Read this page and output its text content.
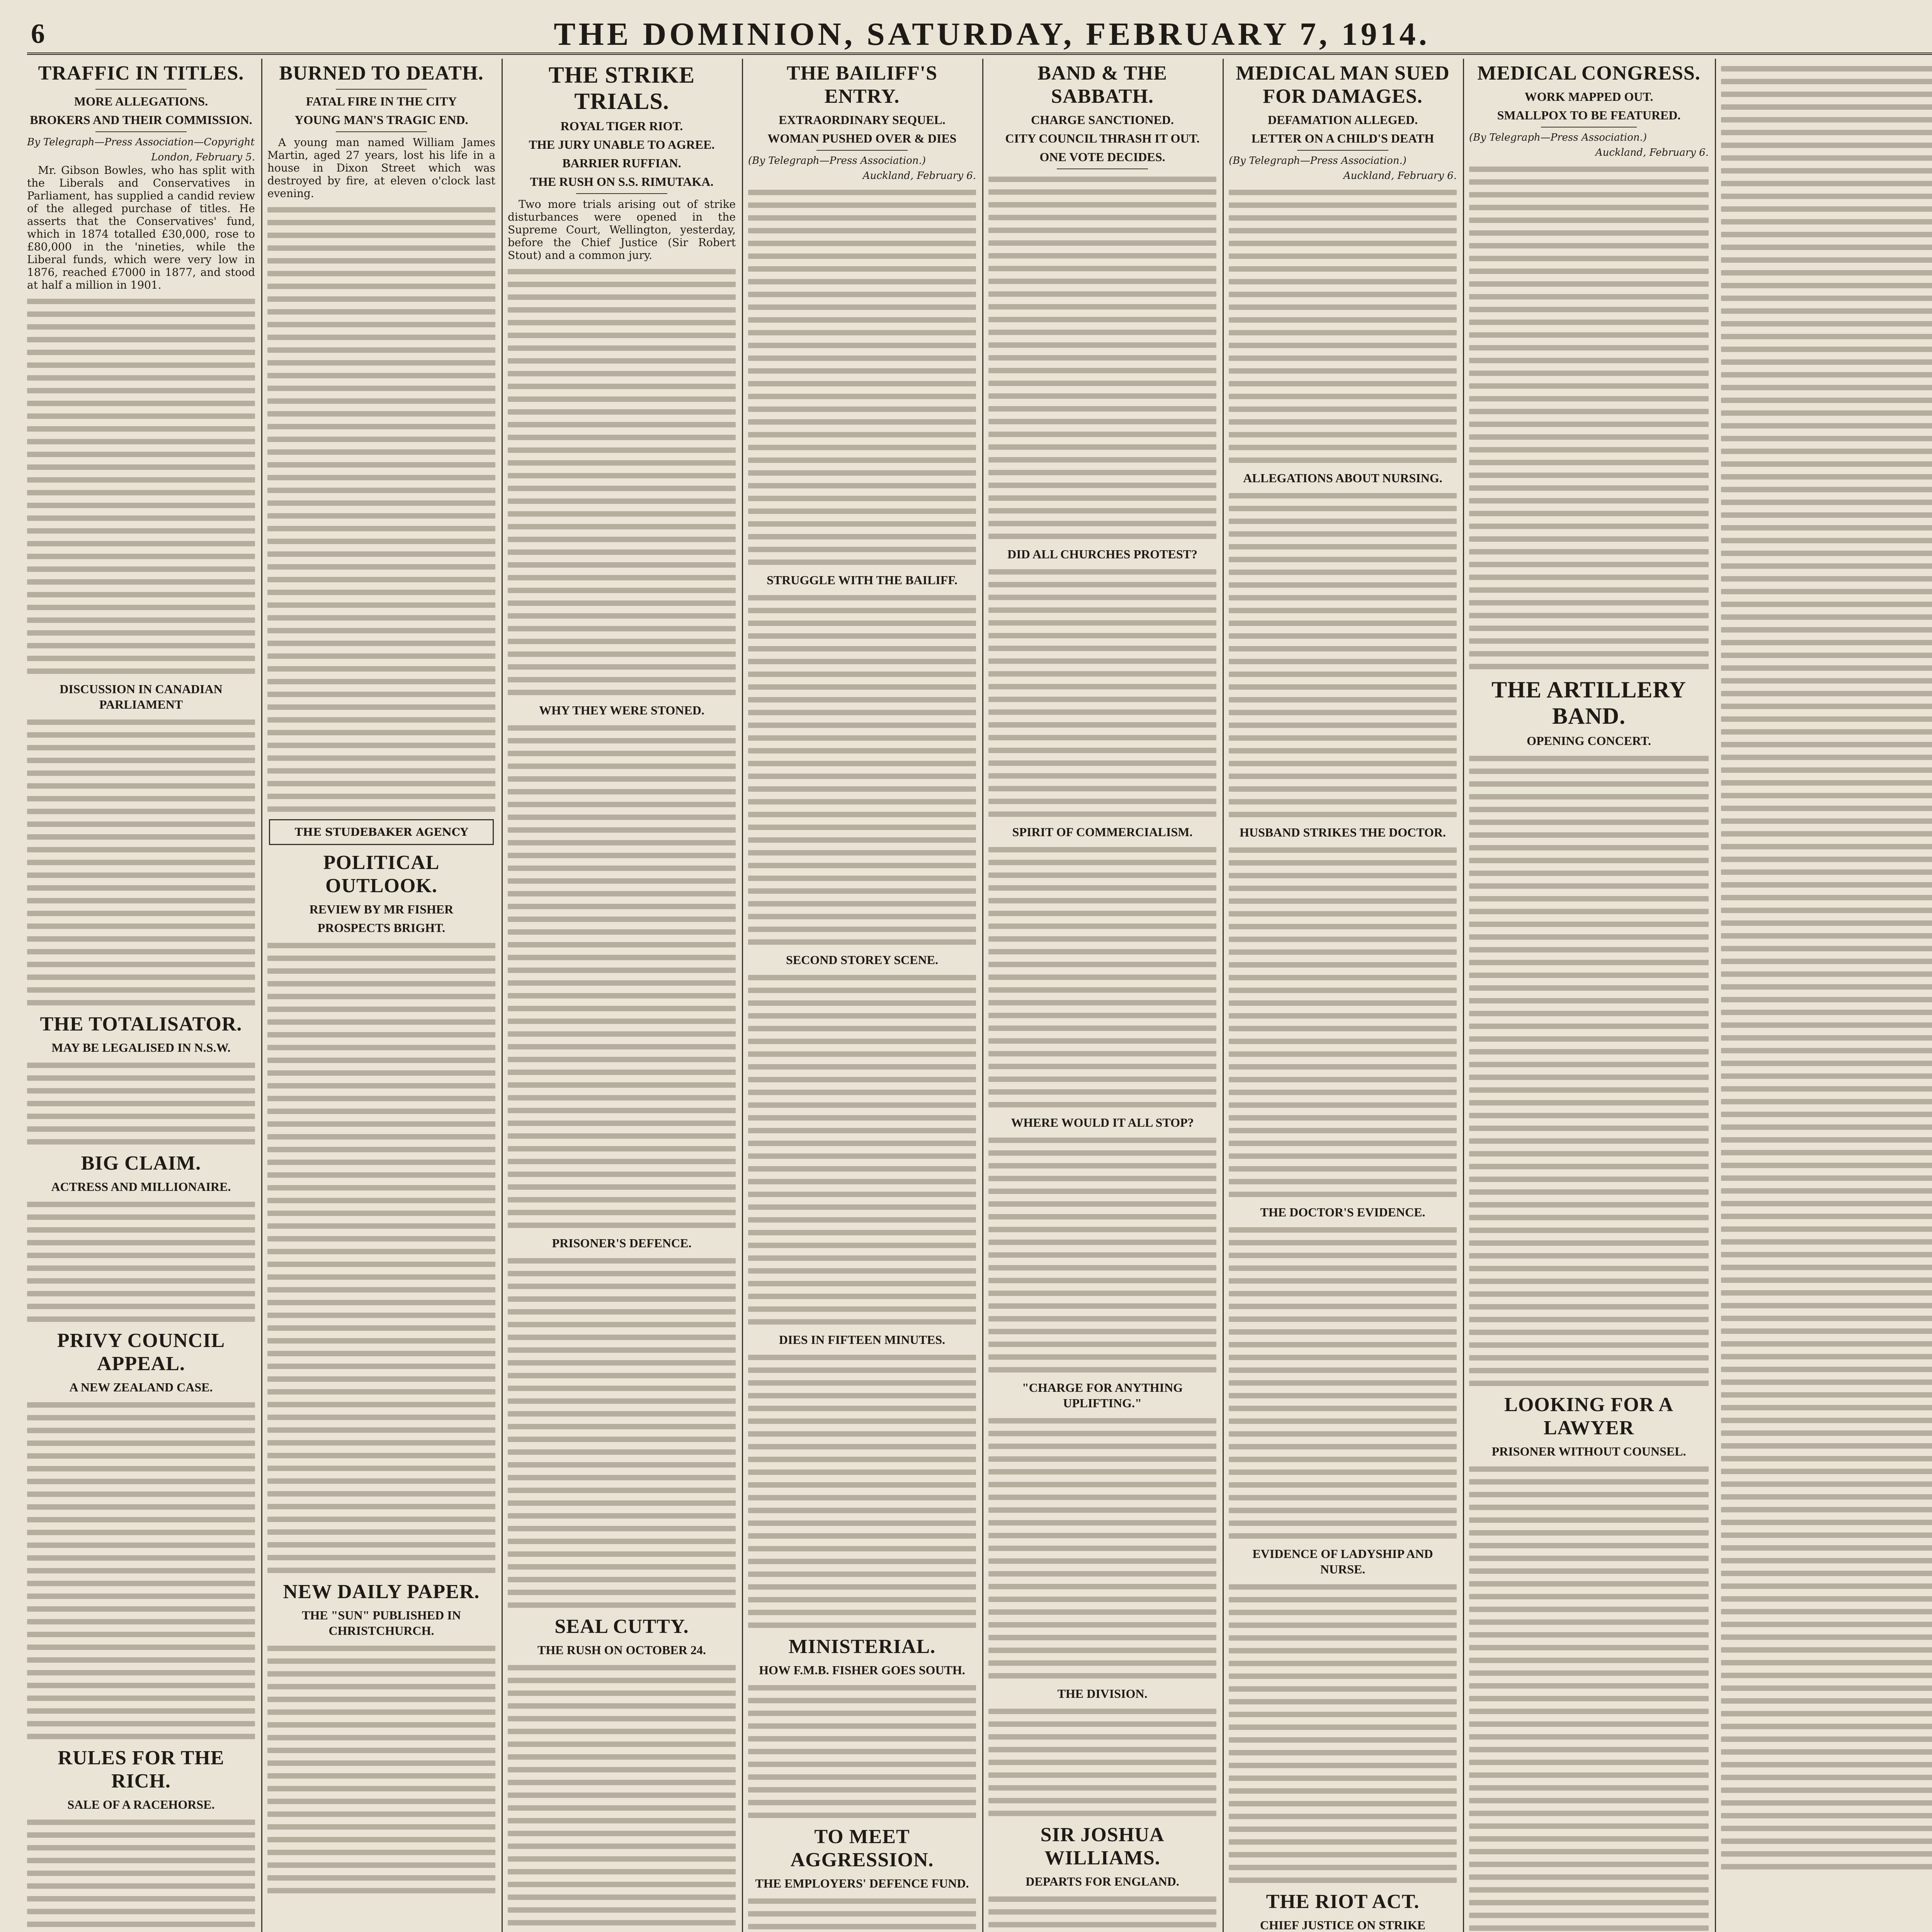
6	THE DOMINION, SATURDAY, FEBRUARY 7, 1914.
TRAFFIC IN TITLES.
MORE ALLEGATIONS.
BROKERS AND THEIR COMMISSION.
By Telegraph—Press Association—Copyright
London, February 5.

Mr. Gibson Bowles, who has split with the Liberals and Conservatives in Parliament, has supplied a candid review of the alleged purchase of titles. He asserts that the Conservatives' fund, which in 1874 totalled £30,000, rose to £80,000 in the 'nineties, while the Liberal funds, which were very low in 1876, reached £7000 in 1877, and stood at half a million in 1901.

DISCUSSION IN CANADIAN PARLIAMENT
THE TOTALISATOR.
MAY BE LEGALISED IN N.S.W.
BIG CLAIM.
ACTRESS AND MILLIONAIRE.
PRIVY COUNCIL APPEAL.
A NEW ZEALAND CASE.
RULES FOR THE RICH.
SALE OF A RACEHORSE.
BURNED TO DEATH.
FATAL FIRE IN THE CITY
YOUNG MAN'S TRAGIC END.

A young man named William James Martin, aged 27 years, lost his life in a house in Dixon Street which was destroyed by fire, at eleven o'clock last evening.

THE STUDEBAKER AGENCY
POLITICAL OUTLOOK.
REVIEW BY MR FISHER
PROSPECTS BRIGHT.
NEW DAILY PAPER.
THE "SUN" PUBLISHED IN CHRISTCHURCH.
THE STRIKE TRIALS.
ROYAL TIGER RIOT.
THE JURY UNABLE TO AGREE.
BARRIER RUFFIAN.
THE RUSH ON S.S. RIMUTAKA.

Two more trials arising out of strike disturbances were opened in the Supreme Court, Wellington, yesterday, before the Chief Justice (Sir Robert Stout) and a common jury.

WHY THEY WERE STONED.
PRISONER'S DEFENCE.
SEAL CUTTY.
THE RUSH ON OCTOBER 24.
THE BAILIFF'S ENTRY.
EXTRAORDINARY SEQUEL.
WOMAN PUSHED OVER & DIES
(By Telegraph—Press Association.)
Auckland, February 6.
STRUGGLE WITH THE BAILIFF.
SECOND STOREY SCENE.
DIES IN FIFTEEN MINUTES.
MINISTERIAL.
HOW F.M.B. FISHER GOES SOUTH.
TO MEET AGGRESSION.
THE EMPLOYERS' DEFENCE FUND.
BAND & THE SABBATH.
CHARGE SANCTIONED.
CITY COUNCIL THRASH IT OUT.
ONE VOTE DECIDES.
DID ALL CHURCHES PROTEST?
SPIRIT OF COMMERCIALISM.
WHERE WOULD IT ALL STOP?
"CHARGE FOR ANYTHING UPLIFTING."
THE DIVISION.
SIR JOSHUA WILLIAMS.
DEPARTS FOR ENGLAND.
MEDICAL MAN SUED FOR DAMAGES.
DEFAMATION ALLEGED.
LETTER ON A CHILD'S DEATH
(By Telegraph—Press Association.)
Auckland, February 6.
ALLEGATIONS ABOUT NURSING.
HUSBAND STRIKES THE DOCTOR.
THE DOCTOR'S EVIDENCE.
EVIDENCE OF LADYSHIP AND NURSE.
THE RIOT ACT.
CHIEF JUSTICE ON STRIKE
MEDICAL CONGRESS.
WORK MAPPED OUT.
SMALLPOX TO BE FEATURED.
(By Telegraph—Press Association.)
Auckland, February 6.
THE ARTILLERY BAND.
OPENING CONCERT.
LOOKING FOR A LAWYER
PRISONER WITHOUT COUNSEL.
